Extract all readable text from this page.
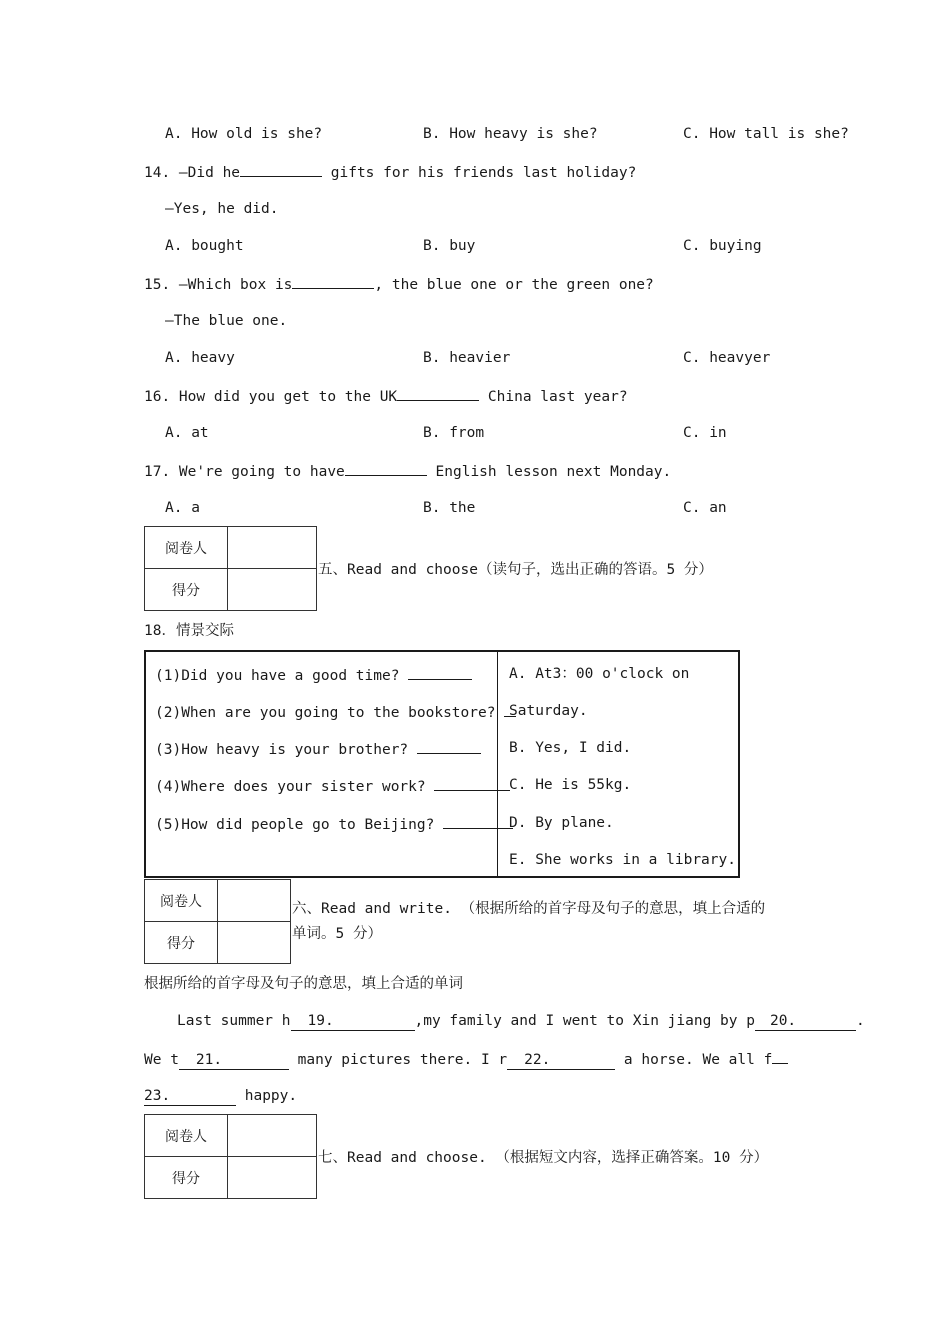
A. How old is she?	B. How heavy is she?	C. How tall is she?
14. —Did he	gifts for his friends last holiday?
—Yes, he did.
A. bought	B. buy	C. buying
15. —Which box is	, the blue one or the green one?
—The blue one.
A. heavy	B. heavier	C. heavyer
16. How did you get to the UK	China last year?
A. at	B. from	C. in
17. We're going to have	English lesson next Monday.
A. a	B. the	C. an
阅卷人	
得分	
五、Read and choose（读句子，选出正确的答语。5 分）
18．情景交际
(1)Did you have a good time?
(2)When are you going to the bookstore?
(3)How heavy is your brother?
(4)Where does your sister work?
(5)How did people go to Beijing?
A. At3：00 o'clock on
Saturday.
B. Yes, I did.
C. He is 55kg.
D. By plane.
E. She works in a library.
阅卷人	
得分	
六、Read and write. （根据所给的首字母及句子的意思，填上合适的
单词。5 分）
根据所给的首字母及句子的意思，填上合适的单词
Last summer h 19.	,my family and I went to Xin jiang by p 20.	.
We t 21.	many pictures there. I r 22.	a horse. We all f
23.	happy.
阅卷人	
得分	
七、Read and choose. （根据短文内容，选择正确答案。10 分）
